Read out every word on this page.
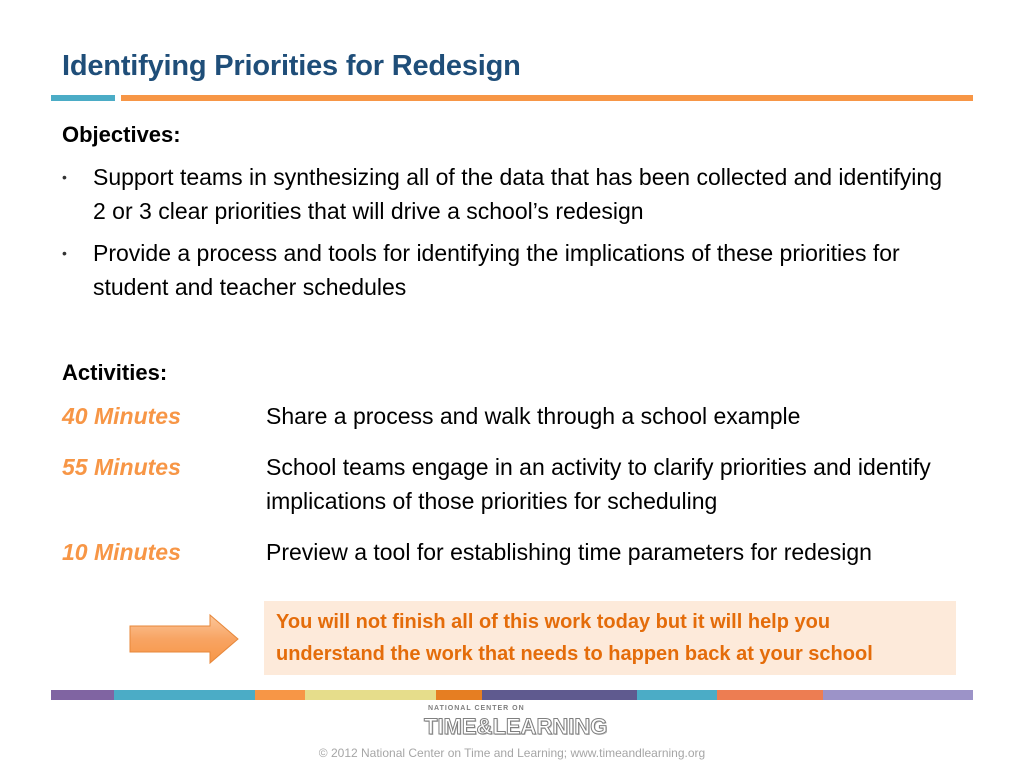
Identifying Priorities for Redesign
Objectives:
• Support teams in synthesizing all of the data that has been collected and identifying 2 or 3 clear priorities that will drive a school’s redesign
• Provide a process and tools for identifying the implications of these priorities for student and teacher schedules
Activities:
40 Minutes	Share a process and walk through a school example
55 Minutes	School teams engage in an activity to clarify priorities and identify implications of those priorities for scheduling
10 Minutes	Preview a tool for establishing time parameters for redesign
You will not finish all of this work today but it will help you understand the work that needs to happen back at your school
NATIONAL CENTER ON
TIME&LEARNING
© 2012 National Center on Time and Learning; www.timeandlearning.org
